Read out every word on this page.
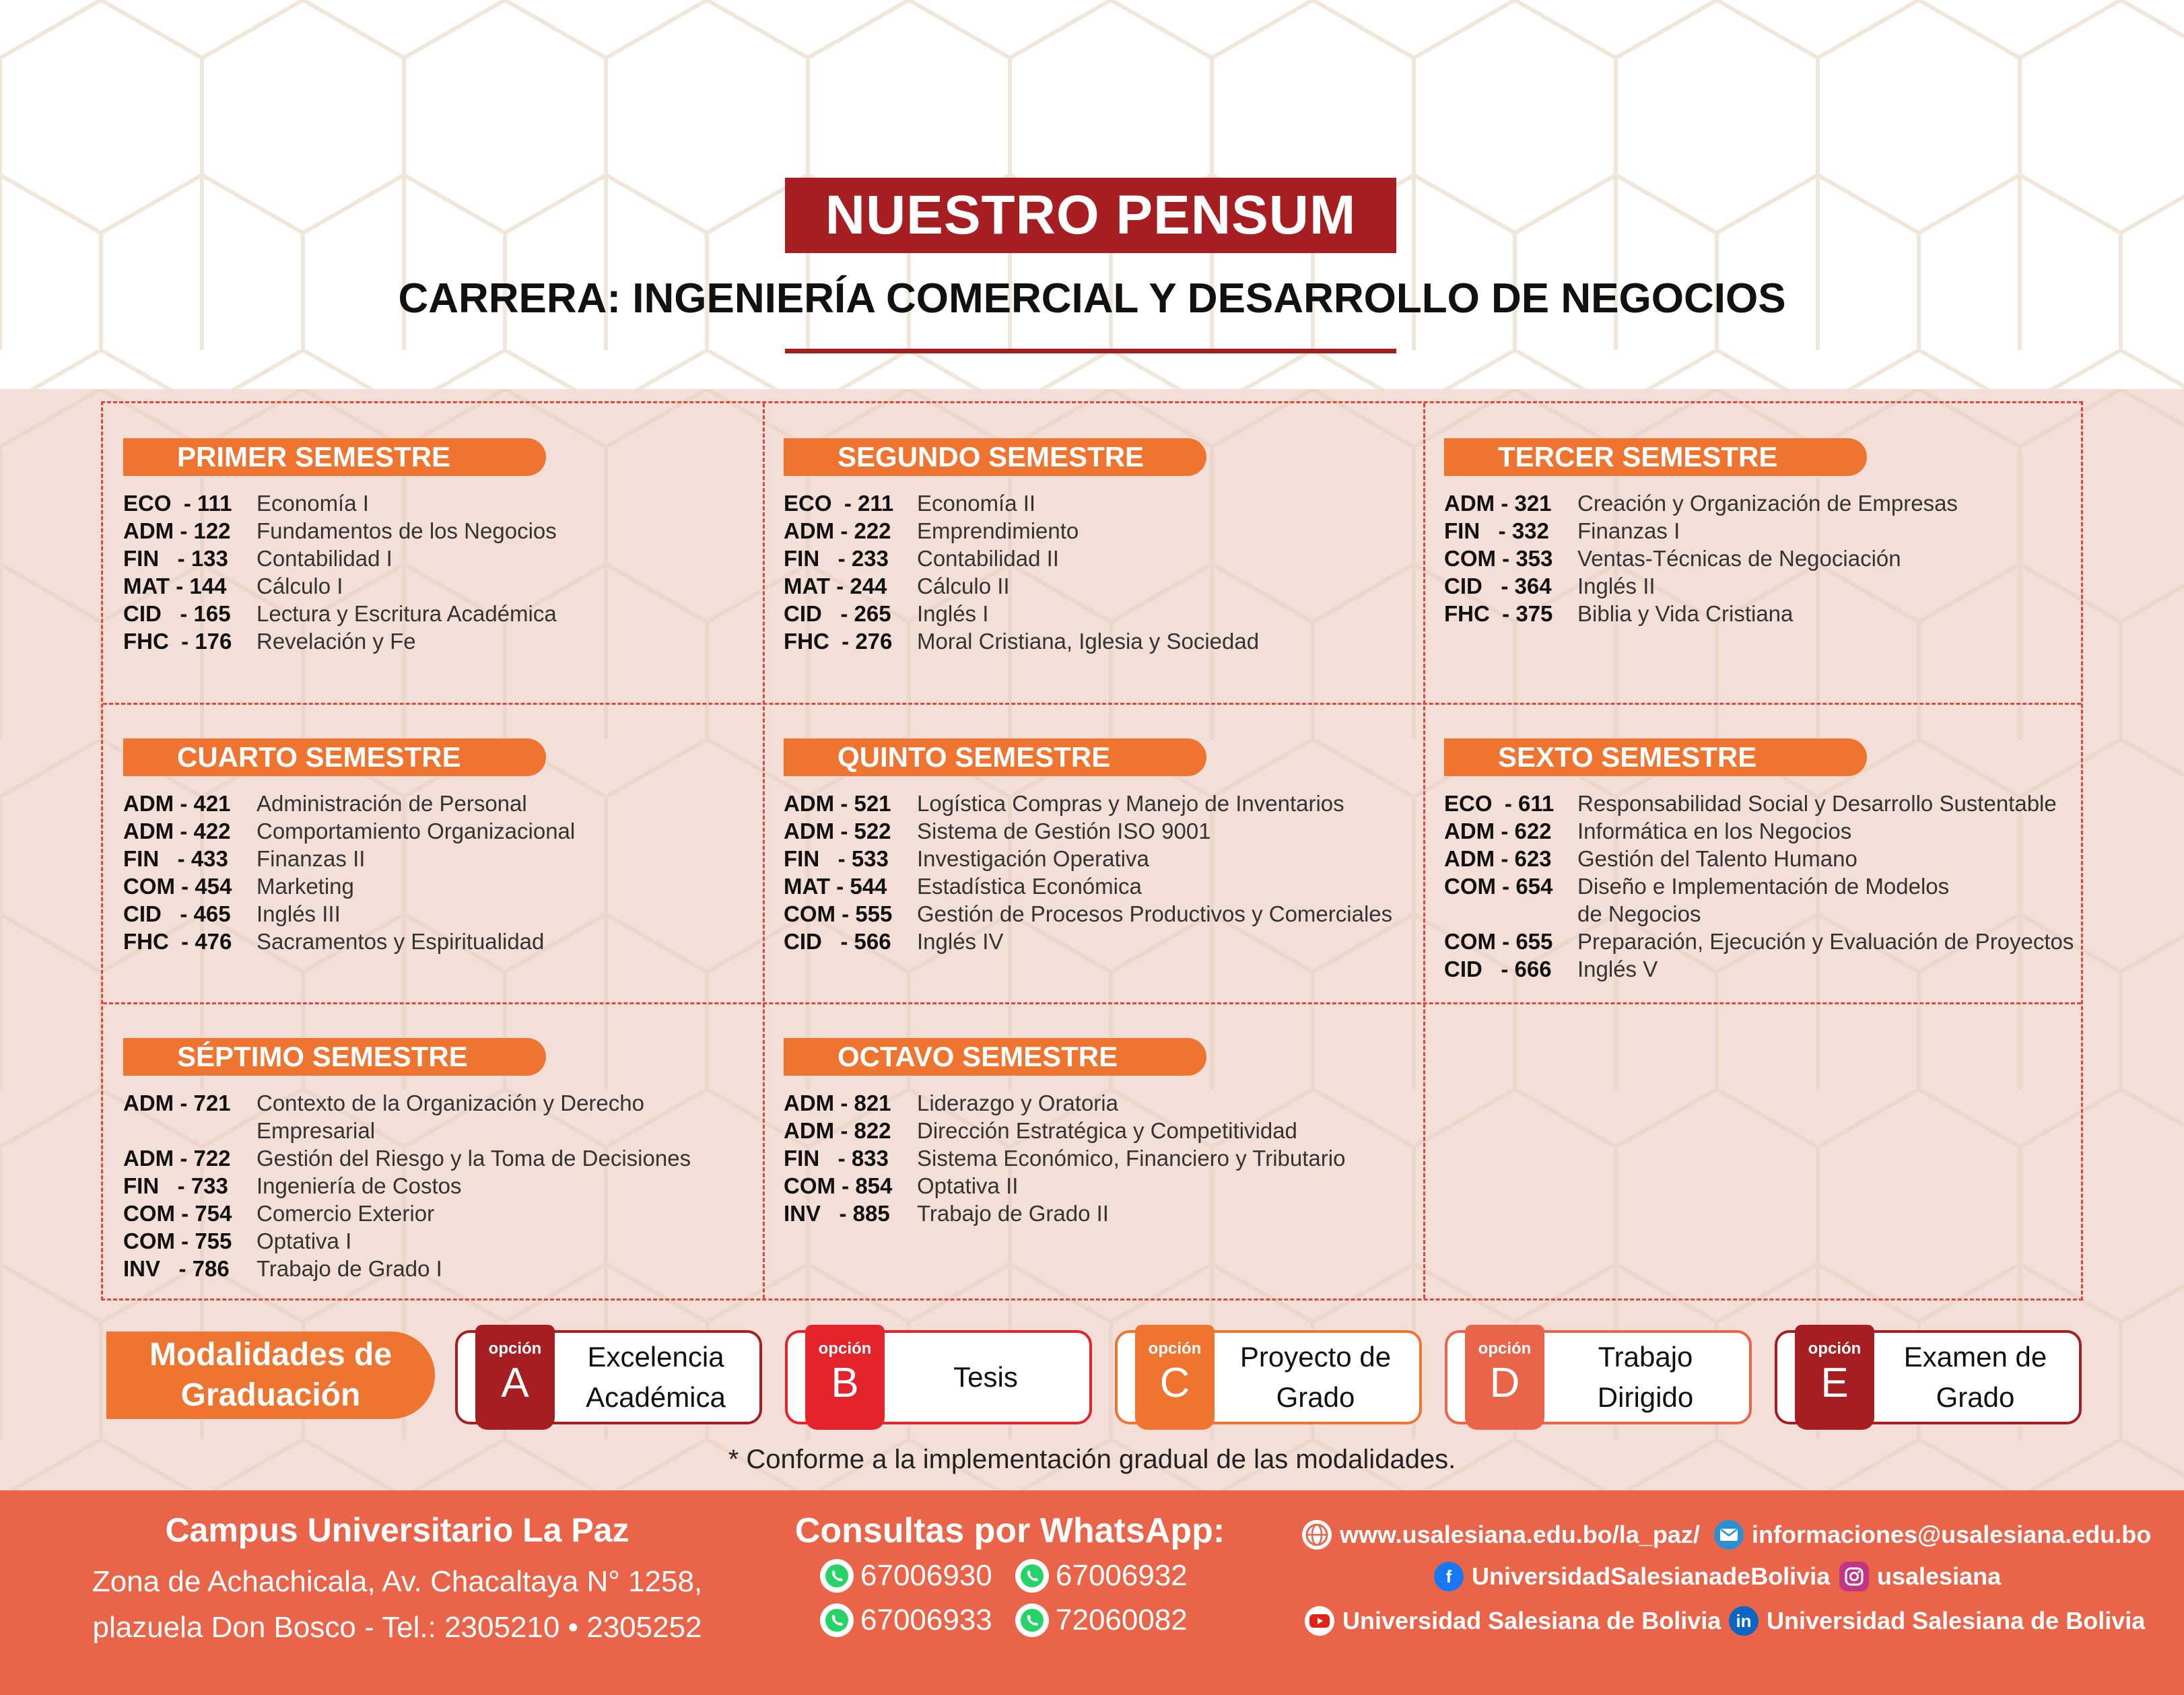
NUESTRO PENSUM
CARRERA: INGENIERÍA COMERCIAL Y DESARROLLO DE NEGOCIOS
PRIMER SEMESTRE
ECO  - 111	Economía I
ADM - 122	Fundamentos de los Negocios
FIN   - 133	Contabilidad I
MAT - 144	Cálculo I
CID   - 165	Lectura y Escritura Académica
FHC  - 176	Revelación y Fe
SEGUNDO SEMESTRE
ECO  - 211	Economía II
ADM - 222	Emprendimiento
FIN   - 233	Contabilidad II
MAT - 244	Cálculo II
CID   - 265	Inglés I
FHC  - 276	Moral Cristiana, Iglesia y Sociedad
TERCER SEMESTRE
ADM - 321	Creación y Organización de Empresas
FIN   - 332	Finanzas I
COM - 353	Ventas-Técnicas de Negociación
CID   - 364	Inglés II
FHC  - 375	Biblia y Vida Cristiana
CUARTO SEMESTRE
ADM - 421	Administración de Personal
ADM - 422	Comportamiento Organizacional
FIN   - 433	Finanzas II
COM - 454	Marketing
CID   - 465	Inglés III
FHC  - 476	Sacramentos y Espiritualidad
QUINTO SEMESTRE
ADM - 521	Logística Compras y Manejo de Inventarios
ADM - 522	Sistema de Gestión ISO 9001
FIN   - 533	Investigación Operativa
MAT - 544	Estadística Económica
COM - 555	Gestión de Procesos Productivos y Comerciales
CID   - 566	Inglés IV
SEXTO SEMESTRE
ECO  - 611	Responsabilidad Social y Desarrollo Sustentable
ADM - 622	Informática en los Negocios
ADM - 623	Gestión del Talento Humano
COM - 654	Diseño e Implementación de Modelos de Negocios
COM - 655	Preparación, Ejecución y Evaluación de Proyectos
CID   - 666	Inglés V
SÉPTIMO SEMESTRE
ADM - 721	Contexto de la Organización y Derecho Empresarial
ADM - 722	Gestión del Riesgo y la Toma de Decisiones
FIN   - 733	Ingeniería de Costos
COM - 754	Comercio Exterior
COM - 755	Optativa I
INV   - 786	Trabajo de Grado I
OCTAVO SEMESTRE
ADM - 821	Liderazgo y Oratoria
ADM - 822	Dirección Estratégica y Competitividad
FIN   - 833	Sistema Económico, Financiero y Tributario
COM - 854	Optativa II
INV   - 885	Trabajo de Grado II
Modalidades de
Graduación
opción
A
Excelencia
Académica
opción
B	Tesis
opción
C
Proyecto de
Grado
opción
D
Trabajo
Dirigido
opción
E
Examen de
Grado
* Conforme a la implementación gradual de las modalidades.
Campus Universitario La Paz
Zona de Achachicala, Av. Chacaltaya N° 1258,
plazuela Don Bosco - Tel.: 2305210 • 2305252
Consultas por WhatsApp:
67006930 67006932
67006933 72060082
www.usalesiana.edu.bo/la_paz/ informaciones@usalesiana.edu.bo
f UniversidadSalesianadeBolivia usalesiana
Universidad Salesiana de Bolivia in Universidad Salesiana de Bolivia
